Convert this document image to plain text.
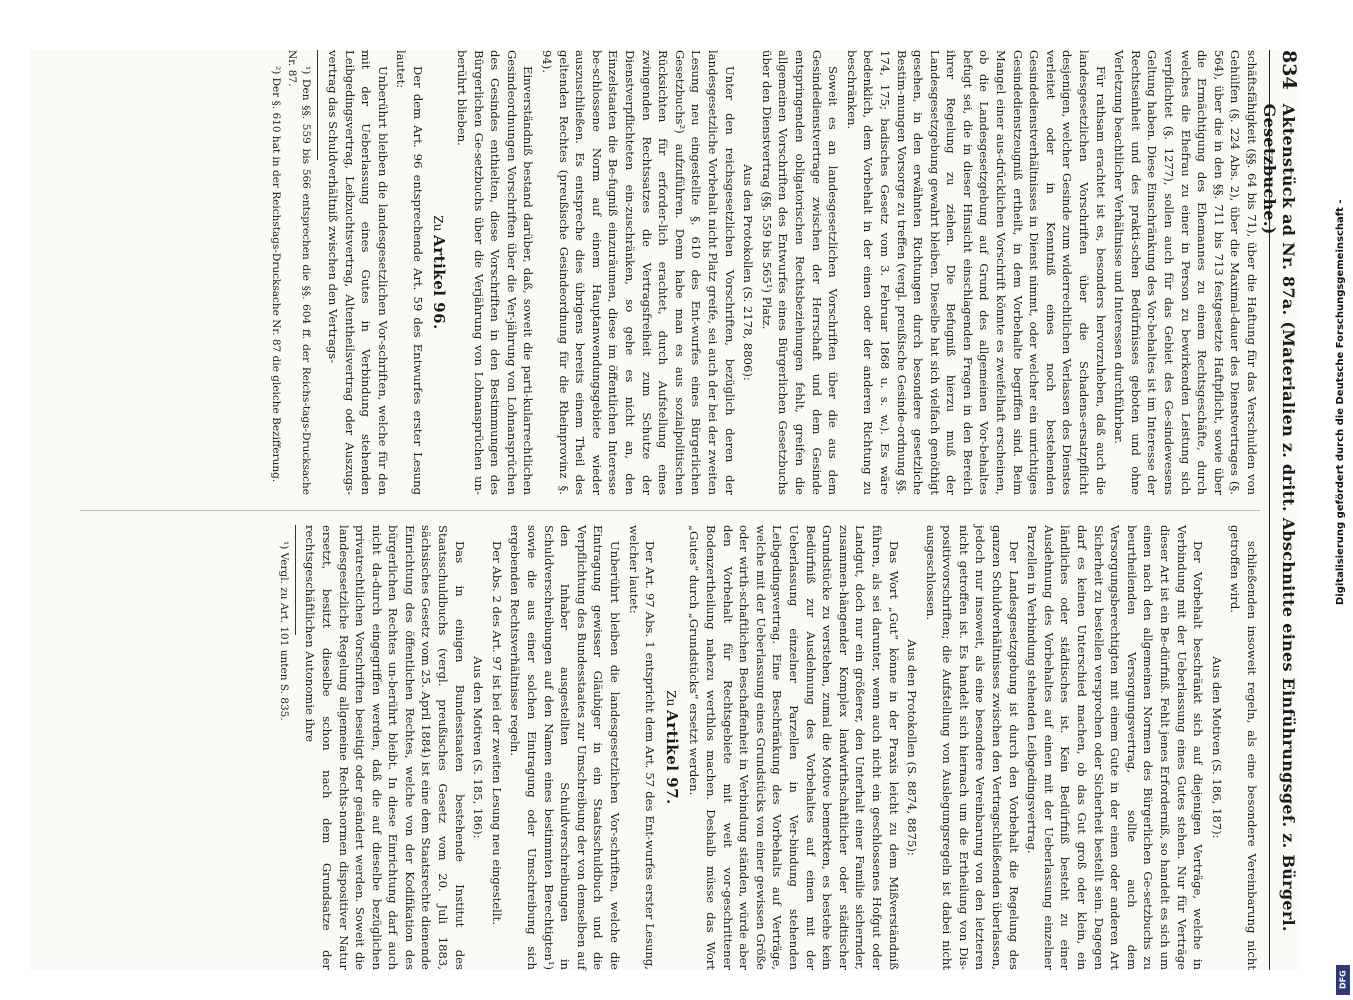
834
Aktenstück ad Nr. 87a. (Materialien z. dritt. Abschnitte eines Einführungsgef. z. Bürgerl. Gesetzbuche.)

schäftsfähigkeit (§§. 64 bis 71), über die Haftung für das Verschulden von Gehülfen (§. 224 Abs. 2), über die Maximal-dauer des Dienstvertrages (§. 564), über die in den §§. 711 bis 713 festgesetzte Haftpflicht, sowie über die Ermächtigung des Ehemannes zu einem Rechtsgeschäfte, durch welches die Ehefrau zu einer in Person zu bewirkenden Leistung sich verpflichtet (§. 1277), sollen auch für das Gebiet des Ge-sindewesens Geltung haben. Diese Einschränkung des Vor-behaltes ist im Interesse der Rechtseinheit und des prakti-schen Bedürfnisses geboten und ohne Verletzung beachtlicher Verhältnisse und Interessen durchführbar.

Für rathsam erachtet ist es, besonders hervorzuheben, daß auch die landesgesetzlichen Vorschriften über die Schadens-ersatzpflicht desjenigen, welcher Gesinde zum widerrechtlichen Verlassen des Dienstes verleitet oder in Kenntniß eines noch bestehenden Gesindedienstverhältnisses in Dienst nimmt, oder welcher ein unrichtiges Gesindedienstzeugniß ertheilt, in dem Vorbehalte begriffen sind. Beim Mangel einer aus-drücklichen Vorschrift könnte es zweifelhaft erscheinen, ob die Landesgesetzgebung auf Grund des allgemeinen Vor-behaltes befugt sei, die in dieser Hinsicht einschlagenden Fragen in den Bereich ihrer Regelung zu ziehen. Die Befugniß hierzu muß der Landesgesetzgebung gewahrt bleiben. Dieselbe hat sich vielfach genöthigt gesehen, in den erwähnten Richtungen durch besondere gesetzliche Bestim-mungen Vorsorge zu treffen (vergl. preußische Gesinde-ordnung §§. 174, 175; badisches Gesetz vom 3. Februar 1868 u. s. w.). Es wäre bedenklich, dem Vorbehalt in der einen oder der anderen Richtung zu beschränken.

Soweit es an landesgesetzlichen Vorschriften über die aus dem Gesindedienstvertrage zwischen der Herrschaft und dem Gesinde entspringenden obligatorischen Rechtsbeziehungen fehlt, greifen die allgemeinen Vorschriften des Entwurfes eines Bürgerlichen Gesetzbuchs über den Dienstvertrag (§§. 559 bis 565¹) Platz.

Aus den Protokollen (S. 2178, 8806):

Unter den reichsgesetzlichen Vorschriften, bezüglich deren der landesgesetzliche Vorbehalt nicht Platz greife, sei auch der bei der zweiten Lesung neu eingestellte §. 610 des Ent-wurfes eines Bürgerlichen Gesetzbuchs²) aufzuführen. Denn habe man es aus sozialpolitischen Rücksichten für erforder-lich erachtet, durch Aufstellung eines zwingenden Rechtssatzes die Vertragsfreiheit zum Schutze der Dienstverpflichteten ein-zuschränken, so gehe es nicht an, den Einzelstaaten die Be-fugniß einzuräumen, diese im öffentlichen Interesse be-schlossene Norm auf einem Hauptanwendungsgebiete wieder auszuschließen. Es entspreche dies übrigens bereits einem Theil des geltenden Rechtes (preußische Gesindeordnung für die Rheinprovinz §. 94).

Einverständniß bestand darüber, daß, soweit die parti-kularrechtlichen Gesindeordnungen Vorschriften über die Ver-jährung von Lohnansprüchen des Gesindes enthielten, diese Vorschriften in den Bestimmungen des Bürgerlichen Ge-setzbuchs über die Verjährung von Lohnansprüchen un-berührt blieben.

Zu Artikel 96.

Der dem Art. 96 entsprechende Art. 59 des Entwurfes erster Lesung lautet:

Unberührt bleiben die landesgesetzlichen Vor-schriften, welche für den mit der Ueberlassung eines Gutes in Verbindung stehenden Leibgedingsvertrag, Leibzuchtsvertrag, Altentheilsvertrag oder Auszugs-vertrag das Schuldverhältniß zwischen den Vertrags-

¹) Den §§. 559 bis 566 entsprechen die §§. 604 ff. der Reichs-tags-Drucksache Nr. 87.

²) Der §. 610 hat in der Reichstags-Drucksache Nr. 87 die gleiche Bezifferung.

schließenden insoweit regeln, als eine besondere Vereinbarung nicht getroffen wird.

Aus den Motiven (S. 186, 187):

Der Vorbehalt beschränkt sich auf diejenigen Verträge, welche in Verbindung mit der Ueberlassung eines Gutes stehen. Nur für Verträge dieser Art ist ein Be-dürfniß. Fehlt jenes Erforderniß, so handelt es sich um einen nach den allgemeinen Normen des Bürgerlichen Ge-setzbuchs zu beurtheilenden Versorgungsvertrag, sollte auch dem Versorgungsberechtigten mit einem Gute in der einen oder anderen Art Sicherheit zu bestellen versprochen oder Sicherheit bestellt sein. Dagegen darf es keinen Unterschied machen, ob das Gut groß oder klein, ein ländliches oder städtisches ist. Kein Bedürfniß besteht zu einer Ausdehnung des Vorbehaltes auf einen mit der Ueberlassung einzelner Parzellen in Verbindung stehenden Leibgedingsvertrag.

Der Landesgesetzgebung ist durch den Vorbehalt die Regelung des ganzen Schuldverhältnisses zwischen den Vertragschließenden überlassen, jedoch nur insoweit, als eine besondere Vereinbarung von den letzteren nicht getroffen ist. Es handelt sich hiernach um die Ertheilung von Dis-positivvorschriften; die Aufstellung von Auslegungsregeln ist dabei nicht ausgeschlossen.

Aus den Protokollen (S. 8874, 8875):

Das Wort „Gut“ könne in der Praxis leicht zu dem Mißverständniß führen, als sei darunter, wenn auch nicht ein geschlossenes Hofgut oder Landgut, doch nur ein größerer, den Unterhalt einer Familie sichernder, zusammen-hängender Komplex landwirthschaftlicher oder städtischer Grundstücke zu verstehen, zumal die Motive bemerkten, es bestehe kein Bedürfniß zur Ausdehnung des Vorbehaltes auf einen mit der Ueberlassung einzelner Parzellen in Ver-bindung stehenden Leibgedingsvertrag. Eine Beschränkung des Vorbehalts auf Verträge, welche mit der Ueberlassung eines Grundstücks von einer gewissen Größe oder wirth-schaftlichen Beschaffenheit in Verbindung ständen, würde aber den Vorbehalt für Rechtsgebiete mit weit vor-geschrittener Bodenzertheilung nahezu werthlos machen. Deshalb müsse das Wort „Gutes“ durch „Grundstücks“ ersetzt werden.

Zu Artikel 97.

Der Art. 97 Abs. 1 entspricht dem Art. 57 des Ent-wurfes erster Lesung, welcher lautet:

Unberührt bleiben die landesgesetzlichen Vor-schriften, welche die Eintragung gewisser Gläubiger in ein Staatsschuldbuch und die Verpflichtung des Bundesstaates zur Umschreibung der von demselben auf den Inhaber ausgestellten Schuldverschreibungen in Schuldverschreibungen auf den Namen eines bestimmten Berechtigten¹) sowie die aus einer solchen Eintragung oder Umschreibung sich ergebenden Rechtsverhältnisse regeln.

Der Abs. 2 des Art. 97 ist bei der zweiten Lesung neu eingestellt.

Aus den Motiven (S. 185, 186):

Das in einigen Bundesstaaten bestehende Institut des Staatsschuldbuchs (vergl. preußisches Gesetz vom 20. Juli 1883, sächsisches Gesetz vom 25. April 1884) ist eine dem Staatsrechte dienende Einrichtung des öffentlichen Rechtes, welche von der Kodifikation des bürgerlichen Rechtes un-berührt bleibt. In diese Einrichtung darf auch nicht da-durch eingegriffen werden, daß die auf dieselbe bezüglichen privatrechtlichen Vorschriften beseitigt oder geändert werden. Soweit die landesgesetzliche Regelung allgemeine Rechts-normen dispositiver Natur ersetzt, besitzt dieselbe schon nach dem Grundsatze der rechtsgeschäftlichen Autonomie ihre

¹) Vergl. zu Art. 101 unten S. 835.

Digitalisierung gefördert durch die Deutsche Forschungsgemeinschaft -
DFG
